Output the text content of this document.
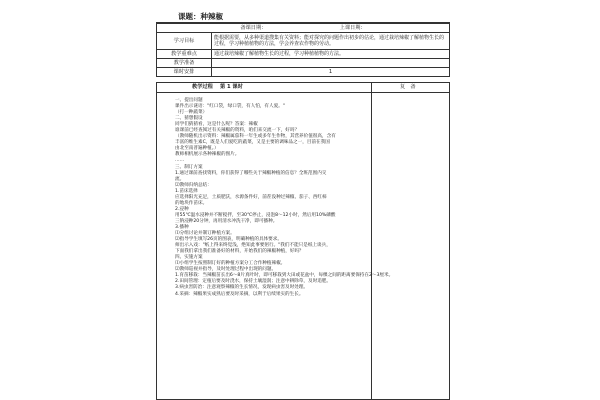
课题：种辣椒
备课日期： 上课日期：	
学习目标	能根据需要，从多种渠道搜集有关资料；能对探究的问题作出初步的估论，通过栽培辣椒了解植物生长的过程，学习种植植物的方法，学会养查农作物的劳动。
教学重难点	通过栽培辣椒了解植物生长的过程，学习种植植物的方法。
教学准备	
课时安排	1
教学过程 第 1 课时	复　备
一、提出问题
课件出示谜语："红口袋，绿口袋，有人怕，有人爱。"
（打一种蔬菜）
二、猜想假设
同学们猜猜看，这是什么呢？答案：辣椒
谁课前已经查阅过有关辣椒的资料，咱们来交流一下，好吗？
（教师随机出示资料：辣椒属茄科一年生或多年生作物，其营养价值很高，含有
丰富的维生素C，既是人们爱吃的蔬菜，又是主要的调味品之一，目前在我国
由北至南普遍种植。）
教师相机展示各种辣椒的图片。
……
三、制订方案
1.通过课前查找资料，你们获得了哪些关于辣椒种植的信息？全班范围内交
流。
⑵教师归纳总结：
1.苗床选择
应选择阳光充足，土质肥沃，水源条件好，前茬没种过辣椒、茄子、西红柿
的地块作苗床。
2.浸种
用55℃温水浸种并不断搅拌，至30℃停止，浸泡8～12小时，然后用10%磷酸
三钠浸种20分钟，再用清水冲洗干净，即可播种。
3.播种
⑴分组讨论并制订种植方案。
⑵指导学生填写26页的图表，明确种植的具体要求。
师出示入戏："纸上得来终觉浅，绝知此事要躬行。"我们不能只是纸上谈兵，
下面我们拿出我们准备好的材料，开始我们的辣椒种植，好吗？
四、实施方案
⑴小组学生按照制订好的种植方案分工合作种植辣椒。
⑵教师巡视并指导，及时处理过程中出现的问题。
1.育苗移栽：当辣椒苗长出6～8片真叶时，即可移栽到大田或花盆中，每棵之间的距离要保持在2～3厘米。
2.田间管理：定植后要及时浇水，保持土壤湿润；注意中耕除草，及时追肥。
3.病虫害防治：注意观察辣椒的生长情况，发现病虫害及时处理。
4.采摘：辣椒果实成熟后要及时采摘，以利于后续果实的生长。
